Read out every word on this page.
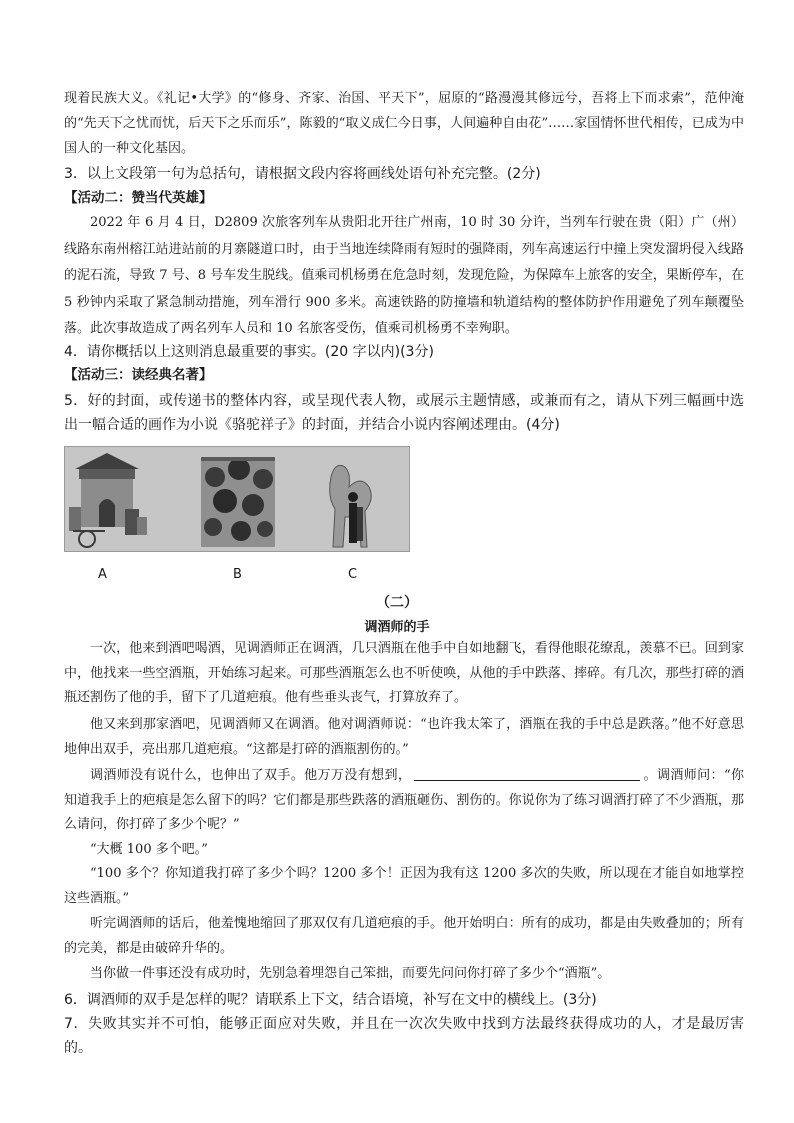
现着民族大义。《礼记•大学》的“修身、齐家、治国、平天下”，屈原的“路漫漫其修远兮，吾将上下而求索”，范仲淹的“先天下之忧而忧，后天下之乐而乐”，陈毅的“取义成仁今日事，人间遍种自由花”……家国情怀世代相传，已成为中国人的一种文化基因。

3．以上文段第一句为总括句，请根据文段内容将画线处语句补充完整。(2分)

【活动二：赞当代英雄】

2022 年 6 月 4 日，D2809 次旅客列车从贵阳北开往广州南，10 时 30 分许，当列车行驶在贵（阳）广（州）线路东南州榕江站进站前的月寨隧道口时，由于当地连续降雨有短时的强降雨，列车高速运行中撞上突发溜坍侵入线路的泥石流，导致 7 号、8 号车发生脱线。值乘司机杨勇在危急时刻，发现危险，为保障车上旅客的安全，果断停车，在 5 秒钟内采取了紧急制动措施，列车滑行 900 多米。高速铁路的防撞墙和轨道结构的整体防护作用避免了列车颠覆坠落。此次事故造成了两名列车人员和 10 名旅客受伤，值乘司机杨勇不幸殉职。

4．请你概括以上这则消息最重要的事实。(20 字以内)(3分)

【活动三：读经典名著】

5．好的封面，或传递书的整体内容，或呈现代表人物，或展示主题情感，或兼而有之，请从下列三幅画中选出一幅合适的画作为小说《骆驼祥子》的封面，并结合小说内容阐述理由。(4分)

A	B	C
（二）
调酒师的手

一次，他来到酒吧喝酒，见调酒师正在调酒，几只酒瓶在他手中自如地翻飞，看得他眼花缭乱，羡慕不已。回到家中，他找来一些空酒瓶，开始练习起来。可那些酒瓶怎么也不听使唤，从他的手中跌落、摔碎。有几次，那些打碎的酒瓶还割伤了他的手，留下了几道疤痕。他有些垂头丧气，打算放弃了。

他又来到那家酒吧，见调酒师又在调酒。他对调酒师说：“也许我太笨了，酒瓶在我的手中总是跌落。”他不好意思地伸出双手，亮出那几道疤痕。“这都是打碎的酒瓶割伤的。”

调酒师没有说什么，也伸出了双手。他万万没有想到，	。调酒师问：“你知道我手上的疤痕是怎么留下的吗？它们都是那些跌落的酒瓶砸伤、割伤的。你说你为了练习调酒打碎了不少酒瓶，那么请问，你打碎了多少个呢？”

“大概 100 多个吧。”

“100 多个？你知道我打碎了多少个吗？1200 多个！正因为我有这 1200 多次的失败，所以现在才能自如地掌控这些酒瓶。”

听完调酒师的话后，他羞愧地缩回了那双仅有几道疤痕的手。他开始明白：所有的成功，都是由失败叠加的；所有的完美，都是由破碎升华的。

当你做一件事还没有成功时，先别急着埋怨自己笨拙，而要先问问你打碎了多少个“酒瓶”。

6．调酒师的双手是怎样的呢？请联系上下文，结合语境，补写在文中的横线上。(3分)

7．失败其实并不可怕，能够正面应对失败，并且在一次次失败中找到方法最终获得成功的人，才是最厉害的。
